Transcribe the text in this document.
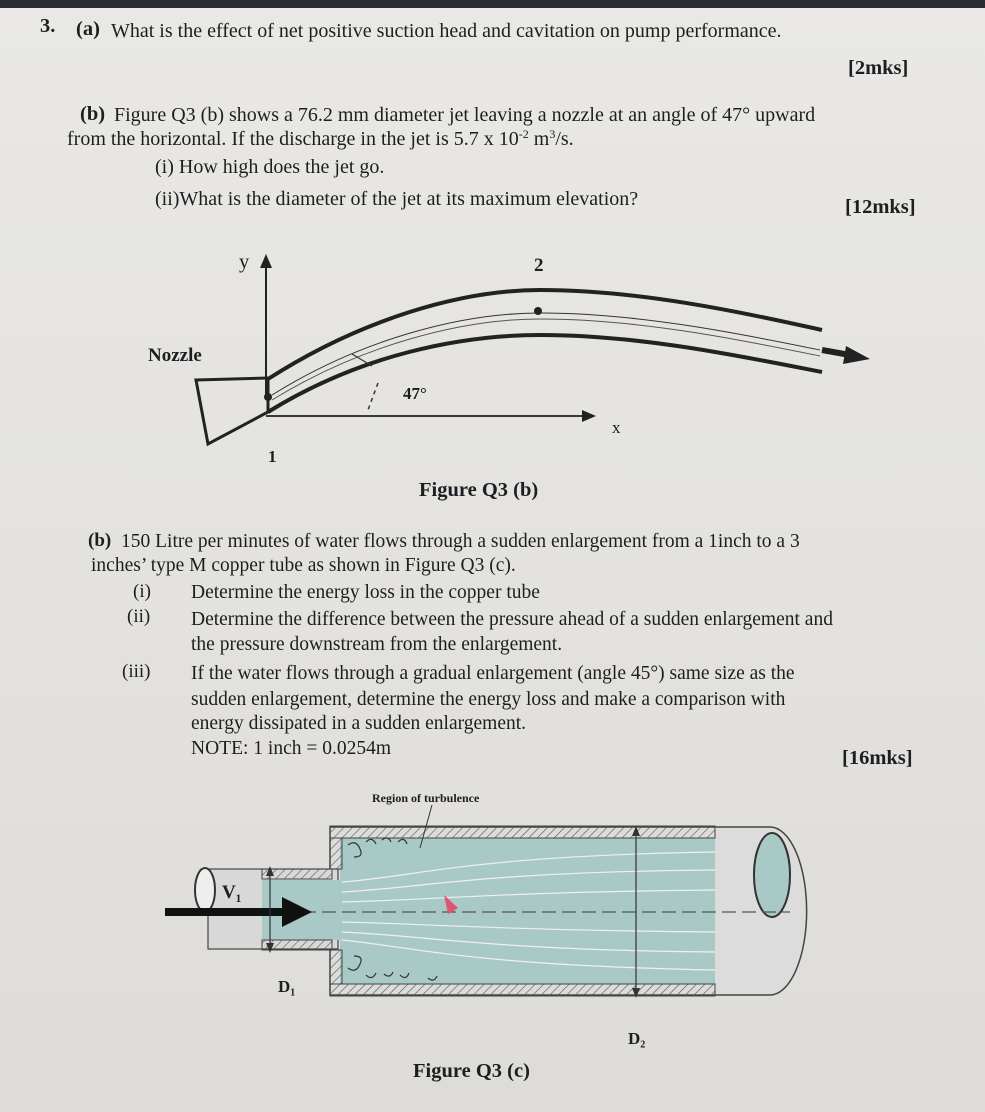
3. (a) What is the effect of net positive suction head and cavitation on pump performance.
[2mks]
(b) Figure Q3 (b) shows a 76.2 mm diameter jet leaving a nozzle at an angle of 47° upward
from the horizontal. If the discharge in the jet is 5.7 x $10^{-2}$ $m^3/s$.
(i) How high does the jet go.
(ii)What is the diameter of the jet at its maximum elevation?	[12mks]
Nozzle
y
x
1
2
47°
Figure Q3 (b)
(b) 150 Litre per minutes of water flows through a sudden enlargement from a 1inch to a 3
inches’ type M copper tube as shown in Figure Q3 (c).
(i) Determine the energy loss in the copper tube
(ii) Determine the difference between the pressure ahead of a sudden enlargement and
the pressure downstream from the enlargement.
(iii) If the water flows through a gradual enlargement (angle 45°) same size as the
sudden enlargement, determine the energy loss and make a comparison with
energy dissipated in a sudden enlargement.
NOTE: 1 inch = 0.0254m	[16mks]
Region of turbulence
V₁
D₁
D₂
Figure Q3 (c)
